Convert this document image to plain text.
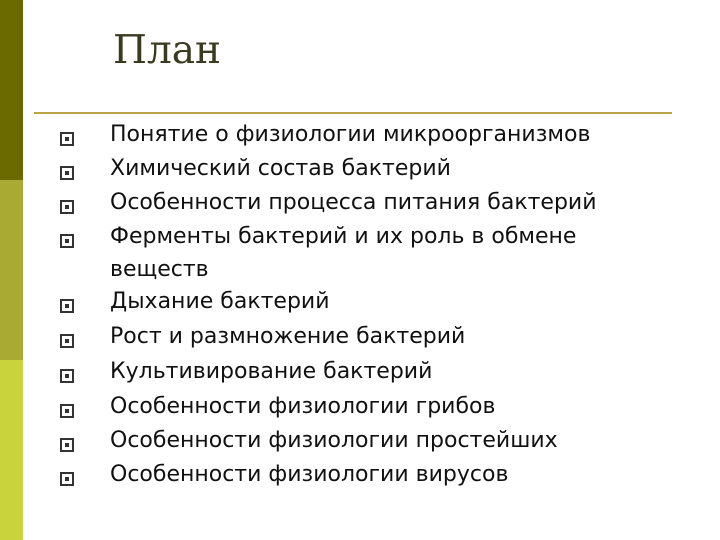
План

Понятие о физиологии микроорганизмов

Химический состав бактерий

Особенности процесса питания бактерий

Ферменты бактерий и их роль в обмене веществ

Дыхание бактерий

Рост и размножение бактерий

Культивирование бактерий

Особенности физиологии грибов

Особенности физиологии простейших

Особенности физиологии вирусов
